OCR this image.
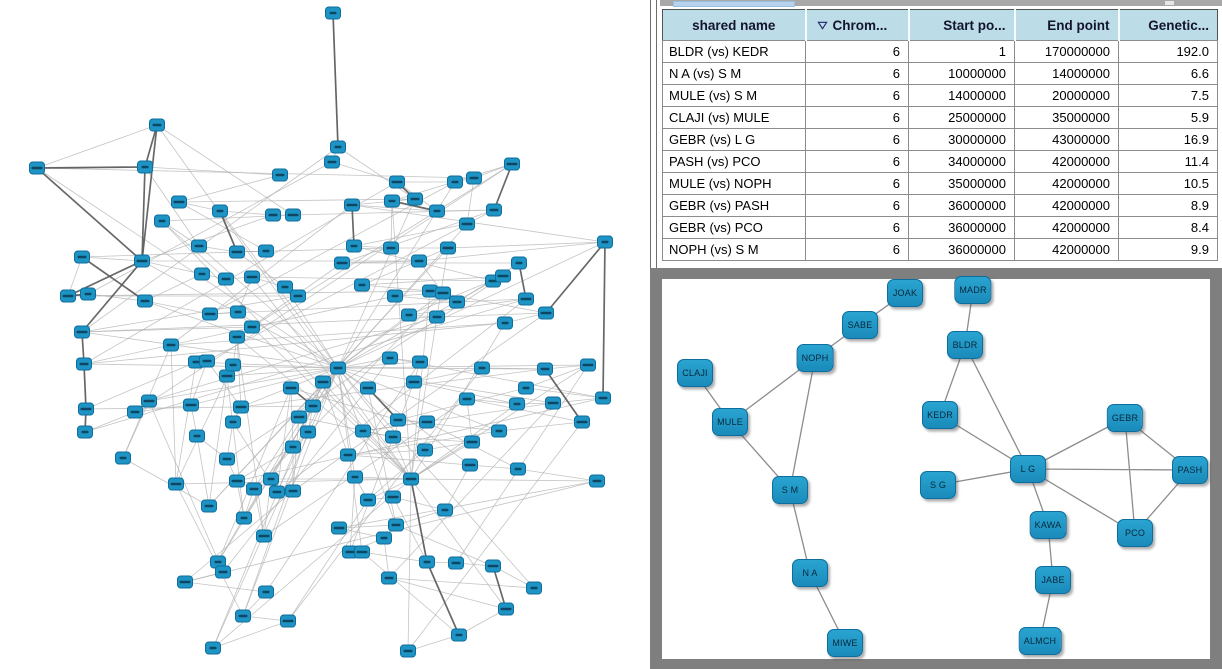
shared name	Chrom...	Start po...	End point	Genetic...
BLDR (vs) KEDR	6	1	170000000	192.0
N A (vs) S M	6	10000000	14000000	6.6
MULE (vs) S M	6	14000000	20000000	7.5
CLAJI (vs) MULE	6	25000000	35000000	5.9
GEBR (vs) L G	6	30000000	43000000	16.9
PASH (vs) PCO	6	34000000	42000000	11.4
MULE (vs) NOPH	6	35000000	42000000	10.5
GEBR (vs) PASH	6	36000000	42000000	8.9
GEBR (vs) PCO	6	36000000	42000000	8.4
NOPH (vs) S M	6	36000000	42000000	9.9
JOAK	MADR
SABE
BLDR
NOPH
CLAJI
GEBR
KEDR
MULE
L G	PASH
S G
S M
KAWA
PCO
N A
JABE
ALMCH
MIWE
